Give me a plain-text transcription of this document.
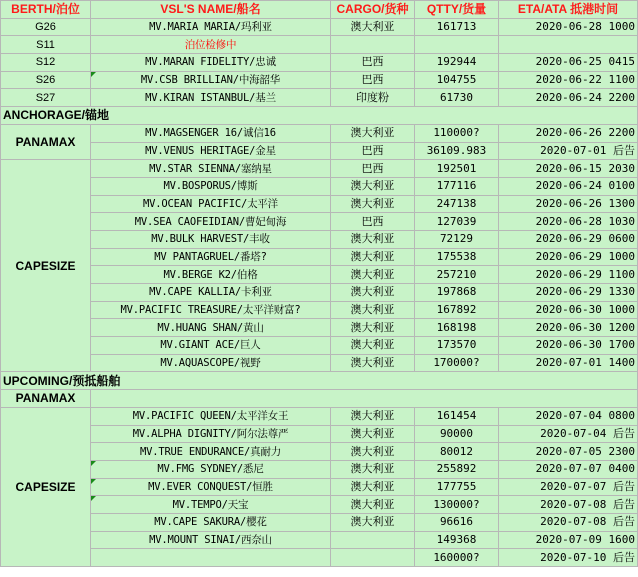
BERTH/泊位	VSL'S NAME/船名	CARGO/货种	QTTY/货量	ETA/ATA 抵港时间
G26	MV.MARIA MARIA/玛利亚	澳大利亚	161713	2020-06-28 1000
S11	泊位检修中			
S12	MV.MARAN FIDELITY/忠诚	巴西	192944	2020-06-25 0415
S26	MV.CSB BRILLIAN/中海韶华	巴西	104755	2020-06-22 1100
S27	MV.KIRAN ISTANBUL/基兰	印度粉	61730	2020-06-24 2200
ANCHORAGE/锚地				
PANAMAX	MV.MAGSENGER 16/诚信16	澳大利亚	110000?	2020-06-26 2200
	MV.VENUS HERITAGE/金星	巴西	36109.983	2020-07-01 后告
CAPESIZE	MV.STAR SIENNA/塞纳星	巴西	192501	2020-06-15 2030
	MV.BOSPORUS/博斯	澳大利亚	177116	2020-06-24 0100
	MV.OCEAN PACIFIC/太平洋	澳大利亚	247138	2020-06-26 1300
	MV.SEA CAOFEIDIAN/曹妃甸海	巴西	127039	2020-06-28 1030
	MV.BULK HARVEST/丰收	澳大利亚	72129	2020-06-29 0600
	MV PANTAGRUEL/番塔?	澳大利亚	175538	2020-06-29 1000
	MV.BERGE K2/伯格	澳大利亚	257210	2020-06-29 1100
	MV.CAPE KALLIA/卡利亚	澳大利亚	197868	2020-06-29 1330
	MV.PACIFIC TREASURE/太平洋财富?	澳大利亚	167892	2020-06-30 1000
	MV.HUANG SHAN/黄山	澳大利亚	168198	2020-06-30 1200
	MV.GIANT ACE/巨人	澳大利亚	173570	2020-06-30 1700
	MV.AQUASCOPE/视野	澳大利亚	170000?	2020-07-01 1400
UPCOMING/预抵船舶				
PANAMAX				
CAPESIZE	MV.PACIFIC QUEEN/太平洋女王	澳大利亚	161454	2020-07-04 0800
	MV.ALPHA DIGNITY/阿尔法尊严	澳大利亚	90000	2020-07-04 后告
	MV.TRUE ENDURANCE/真耐力	澳大利亚	80012	2020-07-05 2300
	MV.FMG SYDNEY/悉尼	澳大利亚	255892	2020-07-07 0400
	MV.EVER CONQUEST/恒胜	澳大利亚	177755	2020-07-07 后告
	MV.TEMPO/天宝	澳大利亚	130000?	2020-07-08 后告
	MV.CAPE SAKURA/樱花	澳大利亚	96616	2020-07-08 后告
	MV.MOUNT SINAI/西奈山		149368	2020-07-09 1600
			160000?	2020-07-10 后告
